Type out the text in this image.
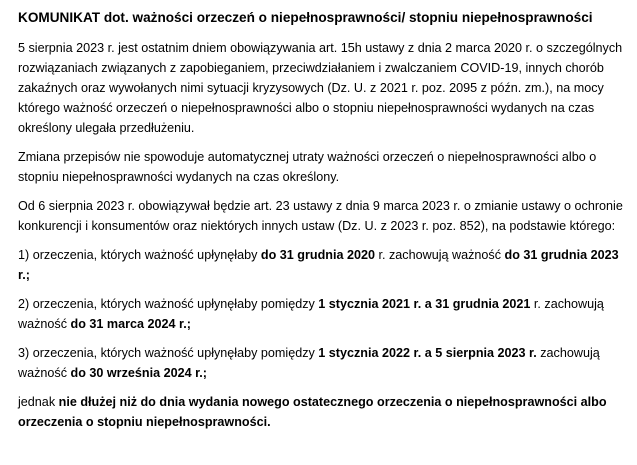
KOMUNIKAT dot. ważności orzeczeń o niepełnosprawności/ stopniu niepełnosprawności

5 sierpnia 2023 r. jest ostatnim dniem obowiązywania art. 15h ustawy z dnia 2 marca 2020 r. o szczególnych rozwiązaniach związanych z zapobieganiem, przeciwdziałaniem i zwalczaniem COVID-19, innych chorób zakaźnych oraz wywołanych nimi sytuacji kryzysowych (Dz. U. z 2021 r. poz. 2095 z późn. zm.), na mocy którego ważność orzeczeń o niepełnosprawności albo o stopniu niepełnosprawności wydanych na czas określony ulegała przedłużeniu.

Zmiana przepisów nie spowoduje automatycznej utraty ważności orzeczeń o niepełnosprawności albo o stopniu niepełnosprawności wydanych na czas określony.

Od 6 sierpnia 2023 r. obowiązywał będzie art. 23 ustawy z dnia 9 marca 2023 r. o zmianie ustawy o ochronie konkurencji i konsumentów oraz niektórych innych ustaw (Dz. U. z 2023 r. poz. 852), na podstawie którego:

1) orzeczenia, których ważność upłynęłaby do 31 grudnia 2020 r. zachowują ważność do 31 grudnia 2023 r.;

2) orzeczenia, których ważność upłynęłaby pomiędzy 1 stycznia 2021 r. a 31 grudnia 2021 r. zachowują ważność do 31 marca 2024 r.;

3) orzeczenia, których ważność upłynęłaby pomiędzy 1 stycznia 2022 r. a 5 sierpnia 2023 r. zachowują ważność do 30 września 2024 r.;

jednak nie dłużej niż do dnia wydania nowego ostatecznego orzeczenia o niepełnosprawności albo orzeczenia o stopniu niepełnosprawności.
